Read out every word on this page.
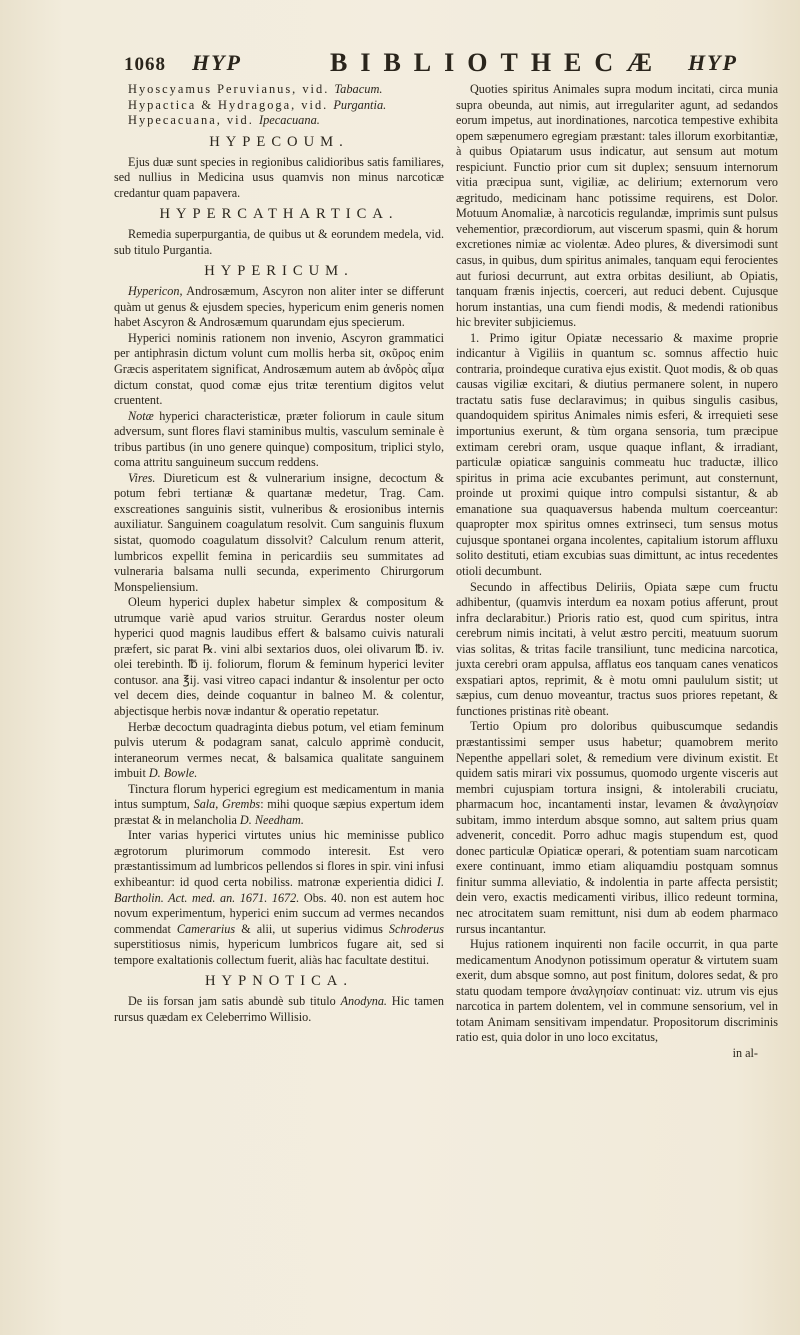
1068 HYP	BIBLIOTHECÆ HYP

Hyoscyamus Peruvianus, vid. Tabacum.

Hypactica & Hydragoga, vid. Purgantia.

Hypecacuana, vid. Ipecacuana.

HYPECOUM.

Ejus duæ sunt species in regionibus calidioribus satis familiares, sed nullius in Medicina usus quamvis non minus narcoticæ credantur quam papavera.

HYPERCATHARTICA.

Remedia superpurgantia, de quibus ut & eorundem medela, vid. sub titulo Purgantia.

HYPERICUM.

Hypericon, Androsæmum, Ascyron non aliter inter se differunt quàm ut genus & ejusdem species, hypericum enim generis nomen habet Ascyron & Androsæmum quarundam ejus specierum.

Hyperici nominis rationem non invenio, Ascyron grammatici per antiphrasin dictum volunt cum mollis herba sit, σκῦρος enim Græcis asperitatem significat, Androsæmum autem ab ἀνδρὸς αἷμα dictum constat, quod comæ ejus tritæ terentium digitos velut cruentent.

Notæ hyperici characteristicæ, præter foliorum in caule situm adversum, sunt flores flavi staminibus multis, vasculum seminale è tribus partibus (in uno genere quinque) compositum, triplici stylo, coma attritu sanguineum succum reddens.

Vires. Diureticum est & vulnerarium insigne, decoctum & potum febri tertianæ & quartanæ medetur, Trag. Cam. exscreationes sanguinis sistit, vulneribus & erosionibus internis auxiliatur. Sanguinem coagulatum resolvit. Cum sanguinis fluxum sistat, quomodo coagulatum dissolvit? Calculum renum atterit, lumbricos expellit femina in pericardiis seu summitates ad vulneraria balsama nulli secunda, experimento Chirurgorum Monspeliensium.

Oleum hyperici duplex habetur simplex & compositum & utrumque variè apud varios struitur. Gerardus noster oleum hyperici quod magnis laudibus effert & balsamo cuivis naturali præfert, sic parat ℞. vini albi sextarios duos, olei olivarum ℔. iv. olei terebinth. ℔ ij. foliorum, florum & feminum hyperici leviter contusor. ana ℥ij. vasi vitreo capaci indantur & insolentur per octo vel decem dies, deinde coquantur in balneo M. & colentur, abjectisque herbis novæ indantur & operatio repetatur.

Herbæ decoctum quadraginta diebus potum, vel etiam feminum pulvis uterum & podagram sanat, calculo apprimè conducit, interaneorum vermes necat, & balsamica qualitate sanguinem imbuit D. Bowle.

Tinctura florum hyperici egregium est medicamentum in mania intus sumptum, Sala, Grembs: mihi quoque sæpius expertum idem præstat & in melancholia D. Needham.

Inter varias hyperici virtutes unius hic meminisse publico ægrotorum plurimorum commodo interesit. Est vero præstantissimum ad lumbricos pellendos si flores in spir. vini infusi exhibeantur: id quod certa nobiliss. matronæ experientia didici I. Bartholin. Act. med. an. 1671. 1672. Obs. 40. non est autem hoc novum experimentum, hyperici enim succum ad vermes necandos commendat Camerarius & alii, ut superius vidimus Schroderus superstitiosus nimis, hypericum lumbricos fugare ait, sed si tempore exaltationis collectum fuerit, aliàs hac facultate destitui.

HYPNOTICA.

De iis forsan jam satis abundè sub titulo Anodyna. Hic tamen rursus quædam ex Celeberrimo Willisio.

Quoties spiritus Animales supra modum incitati, circa munia supra obeunda, aut nimis, aut irregulariter agunt, ad sedandos eorum impetus, aut inordinationes, narcotica tempestive exhibita opem sæpenumero egregiam præstant: tales illorum exorbitantiæ, à quibus Opiatarum usus indicatur, aut sensum aut motum respiciunt. Functio prior cum sit duplex; sensuum internorum vitia præcipua sunt, vigiliæ, ac delirium; externorum vero ægritudo, medicinam hanc potissime requirens, est Dolor. Motuum Anomaliæ, à narcoticis regulandæ, imprimis sunt pulsus vehementior, præcordiorum, aut viscerum spasmi, quin & horum excretiones nimiæ ac violentæ. Adeo plures, & diversimodi sunt casus, in quibus, dum spiritus animales, tanquam equi ferocientes aut furiosi decurrunt, aut extra orbitas desiliunt, ab Opiatis, tanquam frænis injectis, coerceri, aut reduci debent. Cujusque horum instantias, una cum fiendi modis, & medendi rationibus hic breviter subjiciemus.

1. Primo igitur Opiatæ necessario & maxime proprie indicantur à Vigiliis in quantum sc. somnus affectio huic contraria, proindeque curativa ejus existit. Quot modis, & ob quas causas vigiliæ excitari, & diutius permanere solent, in nupero tractatu satis fuse declaravimus; in quibus singulis casibus, quandoquidem spiritus Animales nimis esferi, & irrequieti sese importunius exerunt, & tùm organa sensoria, tum præcipue extimam cerebri oram, usque quaque inflant, & irradiant, particulæ opiaticæ sanguinis commeatu huc traductæ, illico spiritus in prima acie excubantes perimunt, aut consternunt, proinde ut proximi quique intro compulsi sistantur, & ab emanatione sua quaquaversus habenda multum coerceantur: quapropter mox spiritus omnes extrinseci, tum sensus motus cujusque spontanei organa incolentes, capitalium istorum affluxu solito destituti, etiam excubias suas dimittunt, ac intus recedentes otioli decumbunt.

Secundo in affectibus Deliriis, Opiata sæpe cum fructu adhibentur, (quamvis interdum ea noxam potius afferunt, prout infra declarabitur.) Prioris ratio est, quod cum spiritus, intra cerebrum nimis incitati, à velut æstro perciti, meatuum suorum vias solitas, & tritas facile transiliunt, tunc medicina narcotica, juxta cerebri oram appulsa, afflatus eos tanquam canes venaticos exspatiari aptos, reprimit, & è motu omni paululum sistit; ut sæpius, cum denuo moveantur, tractus suos priores repetant, & functiones pristinas ritè obeant.

Tertio Opium pro doloribus quibuscumque sedandis præstantissimi semper usus habetur; quamobrem merito Nepenthe appellari solet, & remedium vere divinum existit. Et quidem satis mirari vix possumus, quomodo urgente visceris aut membri cujuspiam tortura insigni, & intolerabili cruciatu, pharmacum hoc, incantamenti instar, levamen & ἀναλγησίαν subitam, immo interdum absque somno, aut saltem prius quam advenerit, concedit. Porro adhuc magis stupendum est, quod donec particulæ Opiaticæ operari, & potentiam suam narcoticam exere continuant, immo etiam aliquamdiu postquam somnus finitur summa alleviatio, & indolentia in parte affecta persistit; dein vero, exactis medicamenti viribus, illico redeunt tormina, nec atrocitatem suam remittunt, nisi dum ab eodem pharmaco rursus incantantur.

Hujus rationem inquirenti non facile occurrit, in qua parte medicamentum Anodynon potissimum operatur & virtutem suam exerit, dum absque somno, aut post finitum, dolores sedat, & pro statu quodam tempore ἀναλγησίαν continuat: viz. utrum vis ejus narcotica in partem dolentem, vel in commune sensorium, vel in totam Animam sensitivam impendatur. Propositorum discriminis ratio est, quia dolor in uno loco excitatus,

in al-
